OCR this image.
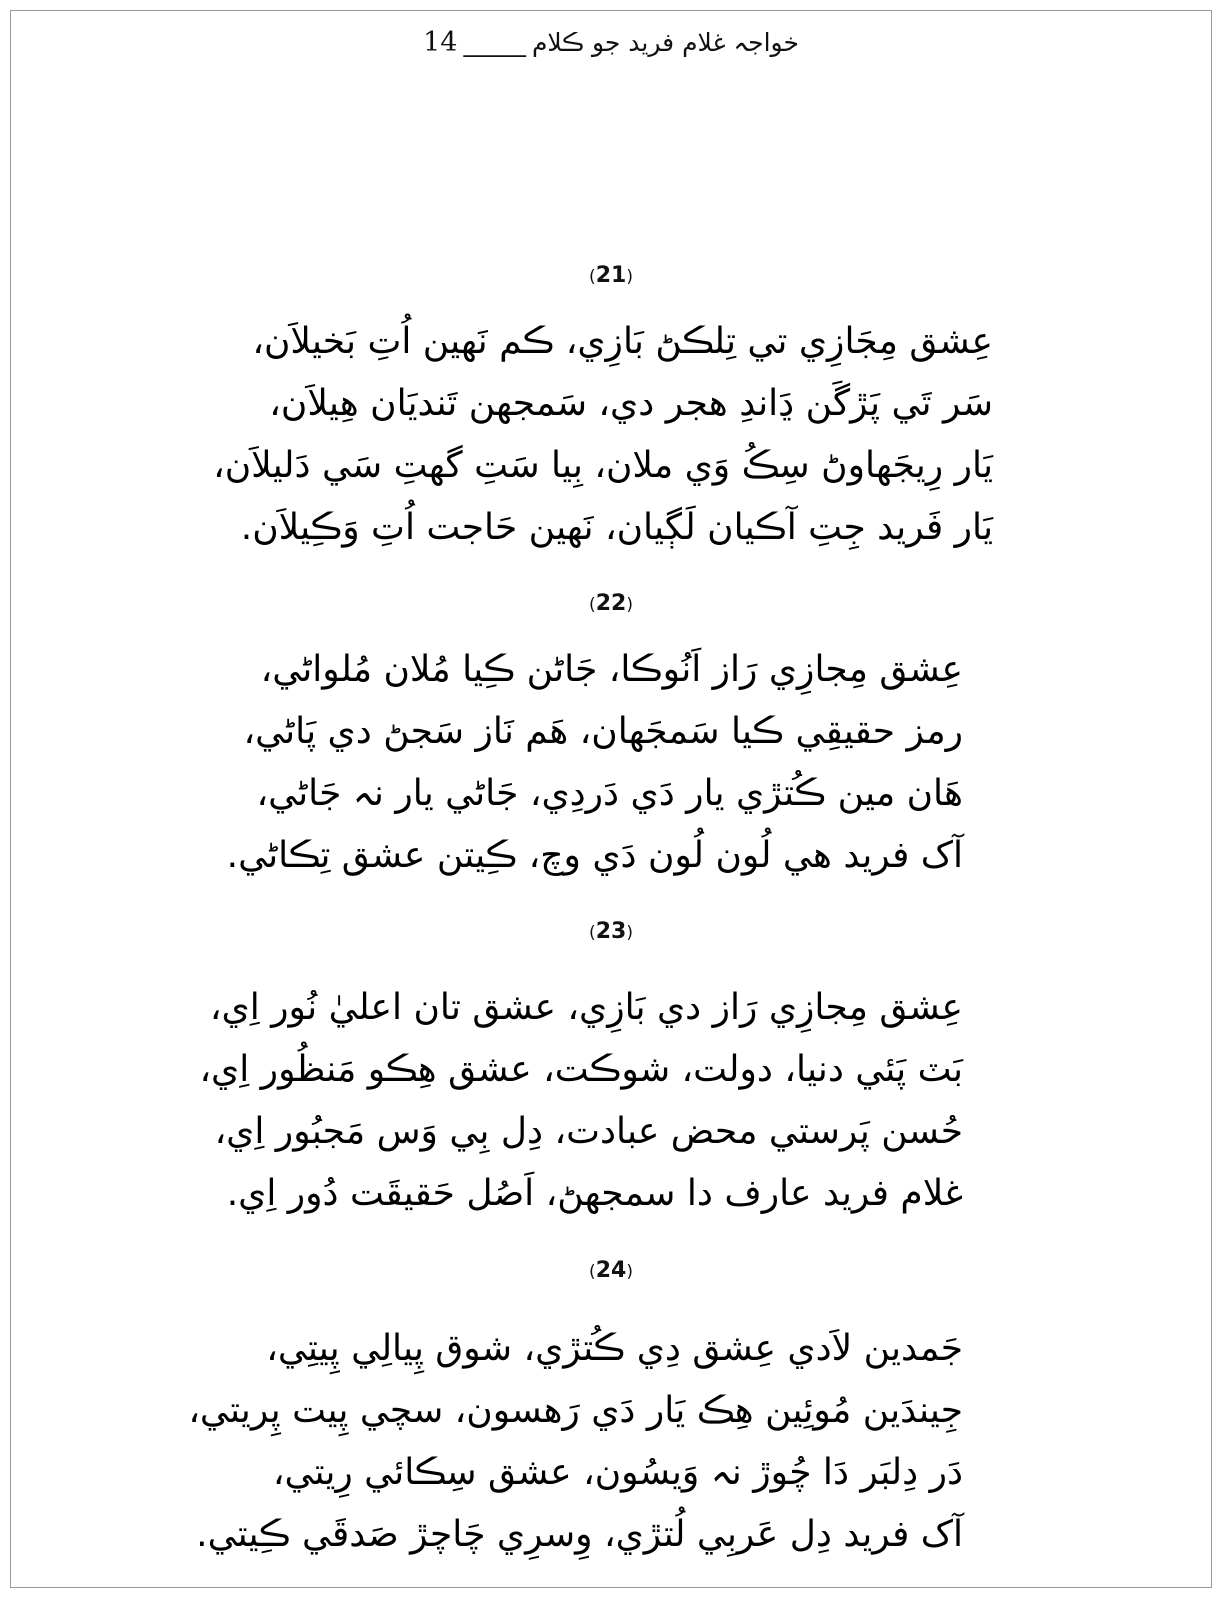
خواجہ غلام فرید جو ڪلام_____14
(21)
عِشق مِجَازِي تي تِلڪڻ بَازِي، ڪم نَهين اُتِ بَخيلاَن،
سَر تَي پَڙگَن ڍَاندِ هجر دي، سَمجهن تَنديَان هِيلاَن،
يَار رِيجَهاوڻ سِڪُ وَي ملان، بِيا سَتِ گهتِ سَي دَليلاَن،
يَار فَريد جِتِ آڪيان لَڳيان، نَهين حَاجت اُتِ وَڪِيلاَن.
(22)
عِشق مِجازِي رَاز اَنُوڪا، جَاڻن ڪِيا مُلان مُلواڻي،
رمز حقيقِي ڪيا سَمجَهان، هَم نَاز سَجڻ دي پَاڻي،
هَان مين ڪُتڙي يار دَي دَردِي، جَاڻي يار نہ جَاڻي،
آک فريد هي لُون لُون دَي وچ، ڪِيتن عشق تِڪاڻي.
(23)
عِشق مِجازِي رَاز دي بَازِي، عشق تان اعليٰ نُور اِي،
بَٽ پَئي دنيا، دولت، شوڪت، عشق هِڪو مَنظُور اِي،
حُسن پَرستي محض عبادت، دِل بِي وَس مَجبُور اِي،
غلام فريد عارف دا سمجهڻ، اَصُل حَقيقَت دُور اِي.
(24)
جَمدين لاَدي عِشق دِي ڪُتڙي، شوق پِيالِي پِيتِي،
جِيندَين مُوئِين هِڪ يَار دَي رَهسون، سچي پِيت پِريتي،
دَر دِلبَر دَا چُوڙ نہ وَيسُون، عشق سِڪائي رِيتي،
آک فريد دِل عَربِي لُتڙي، وِسرِي چَاچڙ صَدقَي ڪِيتي.
